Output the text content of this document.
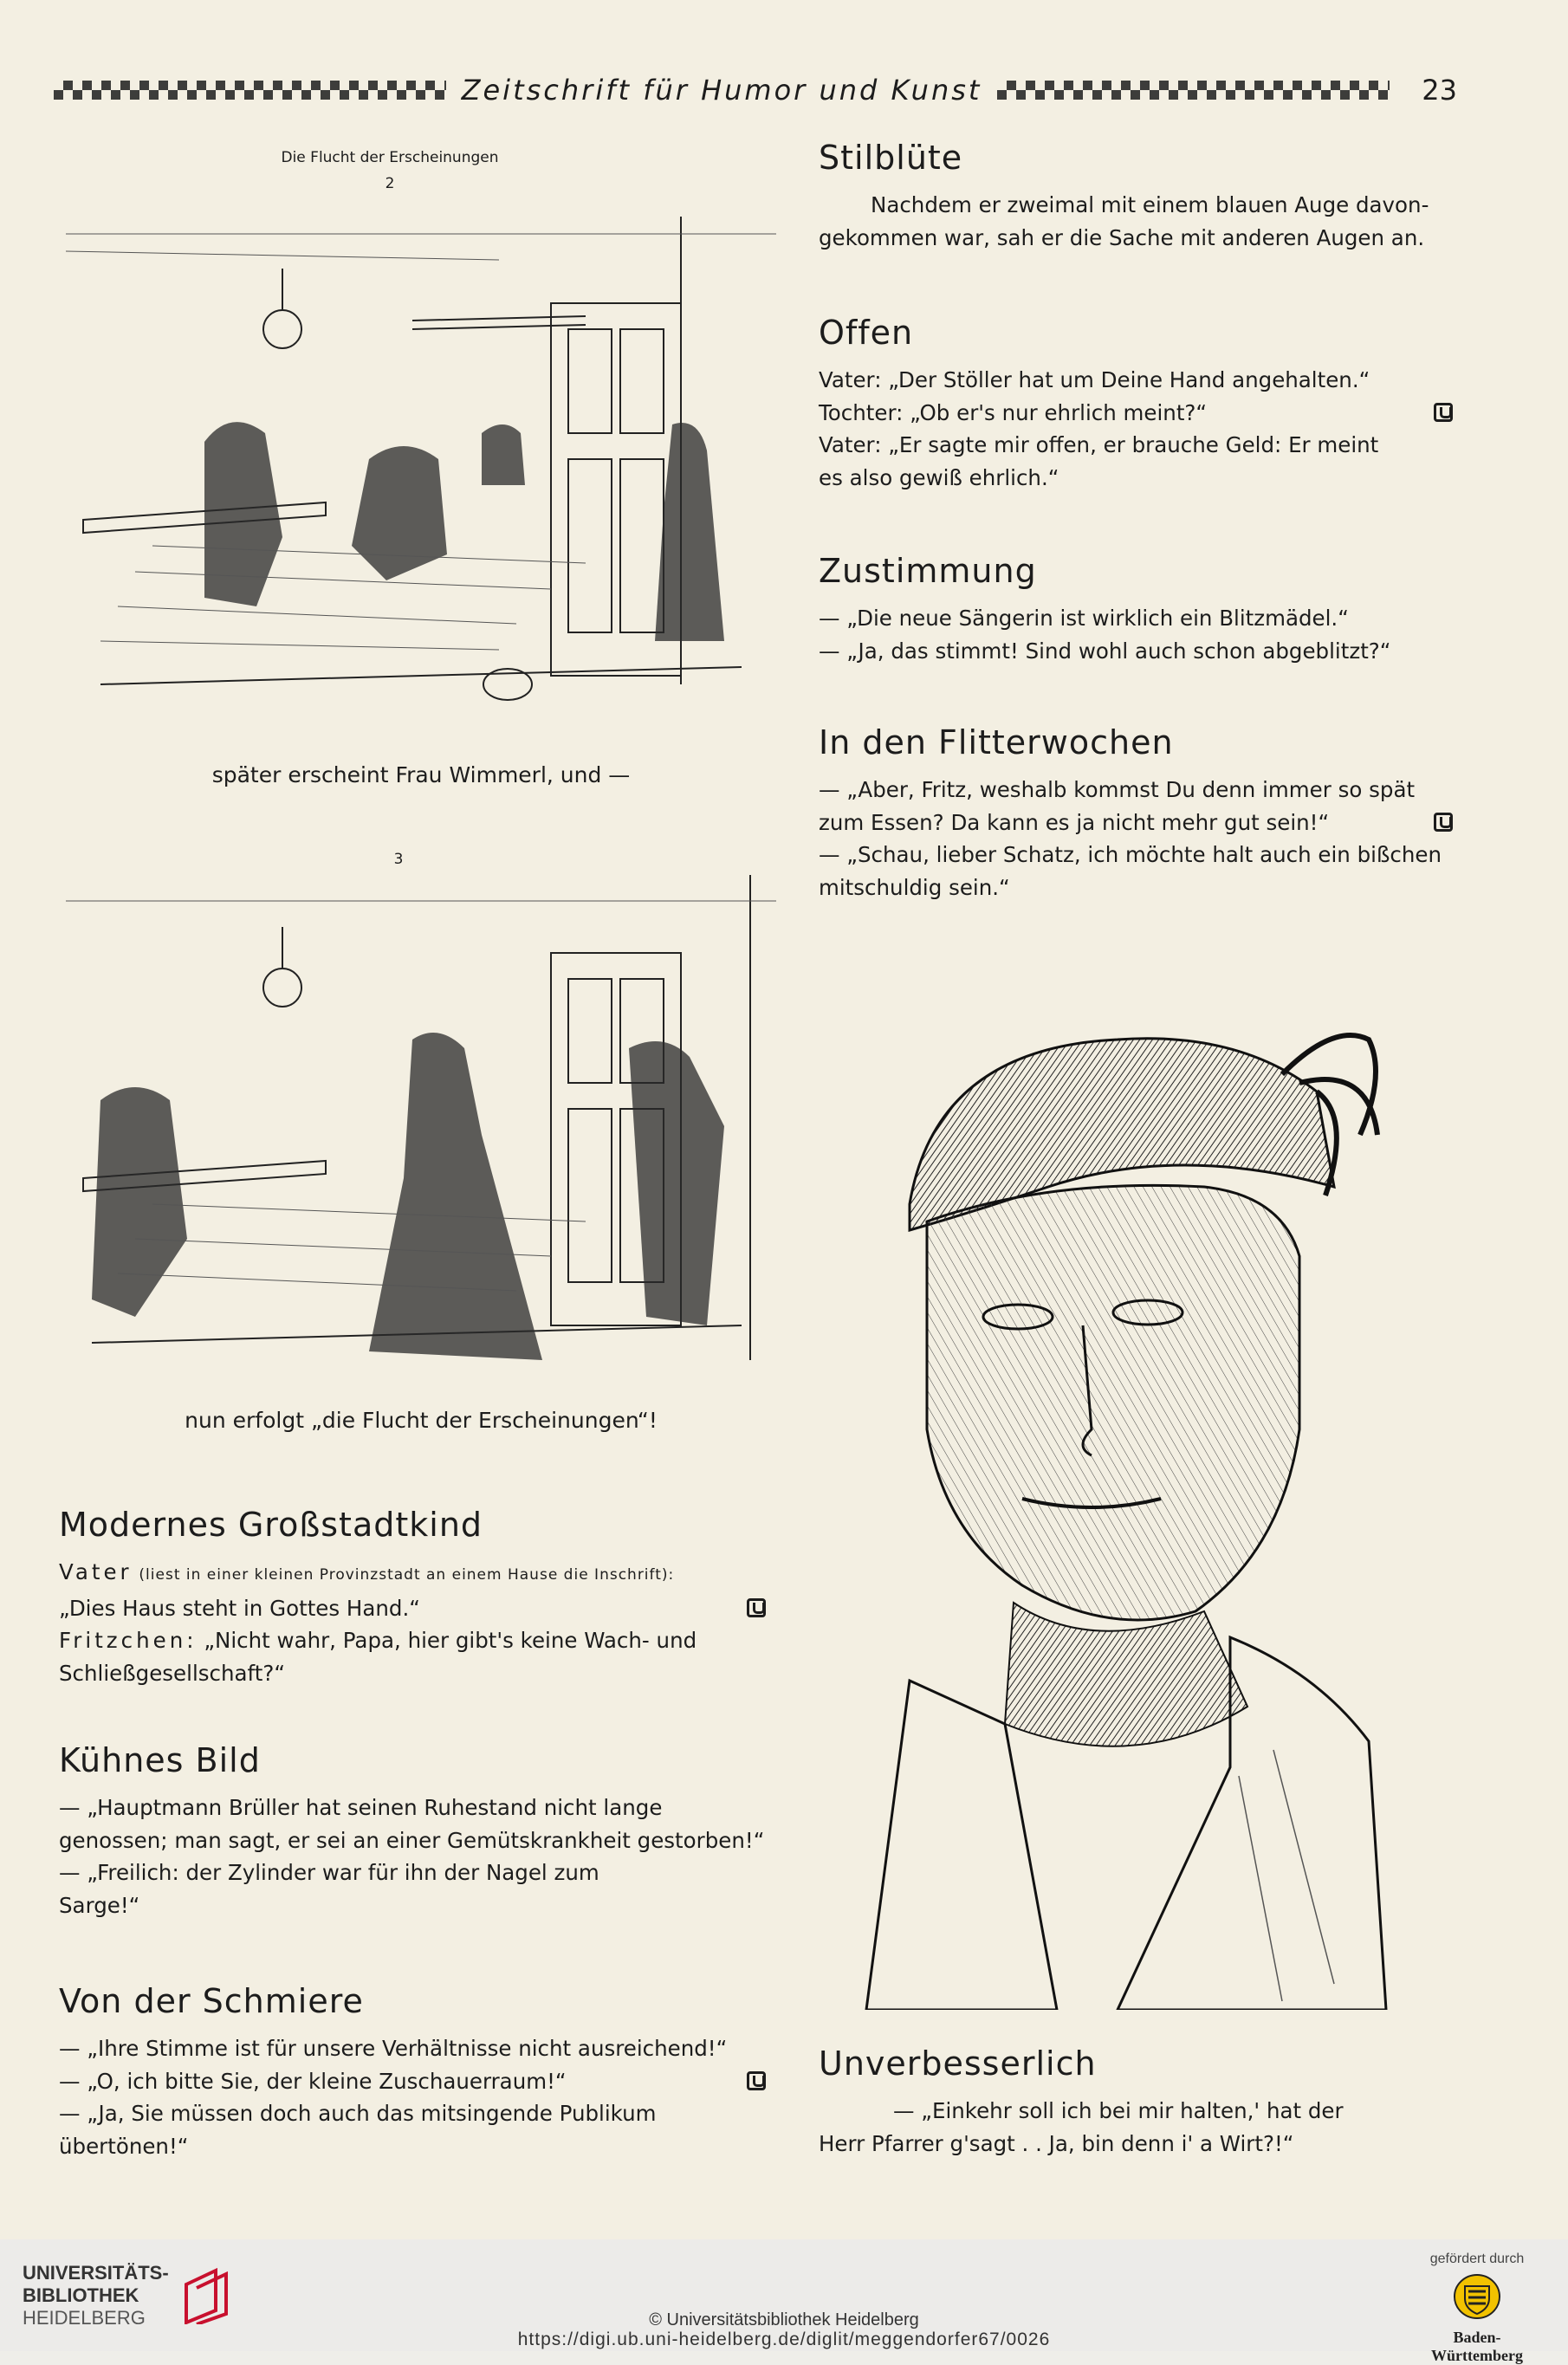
Zeitschrift für Humor und Kunst	23
Die Flucht der Erscheinungen
2
später erscheint Frau Wimmerl, und —
3
nun erfolgt „die Flucht der Erscheinungen“!
Stilblüte

Nachdem er zweimal mit einem blauen Auge davon-

gekommen war, sah er die Sache mit anderen Augen an.

Offen

Vater: „Der Stöller hat um Deine Hand angehalten.“

Tochter: „Ob er's nur ehrlich meint?“

Vater: „Er sagte mir offen, er brauche Geld: Er meint

es also gewiß ehrlich.“

Zustimmung

— „Die neue Sängerin ist wirklich ein Blitzmädel.“

— „Ja, das stimmt! Sind wohl auch schon abgeblitzt?“

In den Flitterwochen

— „Aber, Fritz, weshalb kommst Du denn immer so spät

zum Essen? Da kann es ja nicht mehr gut sein!“

— „Schau, lieber Schatz, ich möchte halt auch ein bißchen

mitschuldig sein.“

Modernes Großstadtkind

Vater (liest in einer kleinen Provinzstadt an einem Hause die Inschrift):

„Dies Haus steht in Gottes Hand.“

Fritzchen: „Nicht wahr, Papa, hier gibt's keine Wach- und

Schließgesellschaft?“

Kühnes Bild

— „Hauptmann Brüller hat seinen Ruhestand nicht lange

genossen; man sagt, er sei an einer Gemütskrankheit gestorben!“

— „Freilich: der Zylinder war für ihn der Nagel zum

Sarge!“

Von der Schmiere

— „Ihre Stimme ist für unsere Verhältnisse nicht ausreichend!“

— „O, ich bitte Sie, der kleine Zuschauerraum!“

— „Ja, Sie müssen doch auch das mitsingende Publikum

übertönen!“

Unverbesserlich

— „Einkehr soll ich bei mir halten,' hat der

Herr Pfarrer g'sagt . . Ja, bin denn i' a Wirt?!“

UNIVERSITÄTS-
BIBLIOTHEK
HEIDELBERG	© Universitätsbibliothek Heidelberg
https://digi.ub.uni-heidelberg.de/diglit/meggendorfer67/0026
gefördert durch
Baden-Württemberg
